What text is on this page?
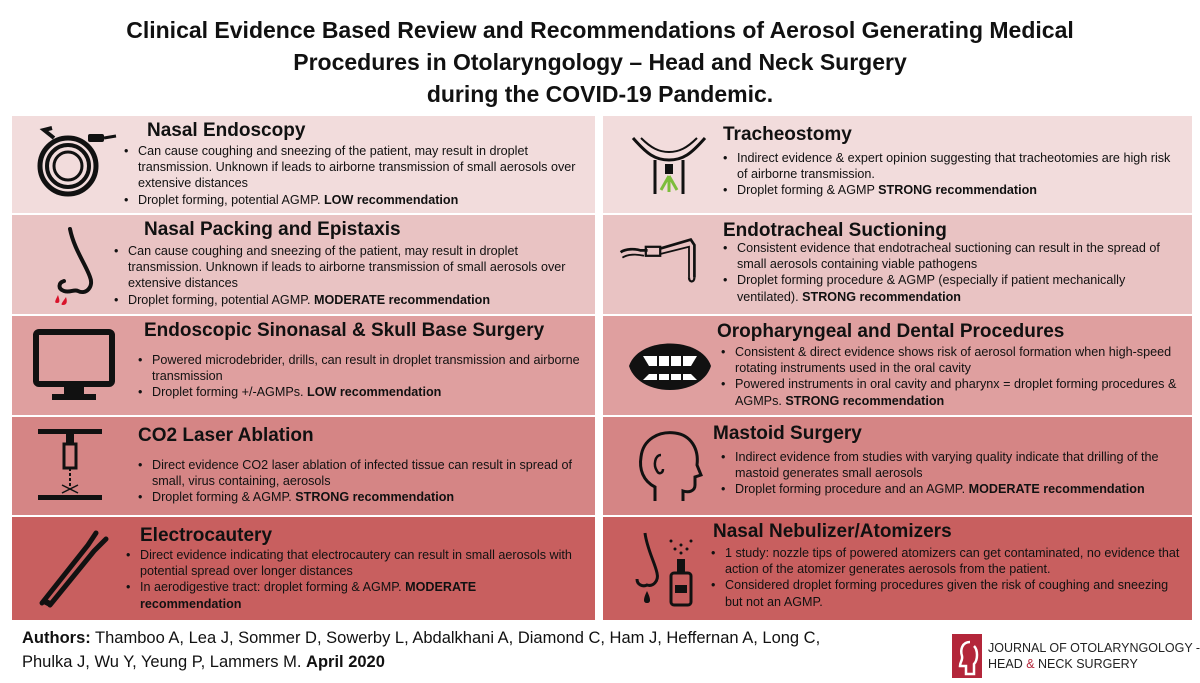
Clinical Evidence Based Review and Recommendations of Aerosol Generating Medical
Procedures in Otolaryngology – Head and Neck Surgery
during the COVID-19 Pandemic.
Nasal Endoscopy
• Can cause coughing and sneezing of the patient, may result in droplet transmission. Unknown if leads to airborne transmission of small aerosols over extensive distances
• Droplet forming, potential AGMP. LOW recommendation
Nasal Packing and Epistaxis
• Can cause coughing and sneezing of the patient, may result in droplet transmission. Unknown if leads to airborne transmission of small aerosols over extensive distances
• Droplet forming, potential AGMP. MODERATE recommendation
Endoscopic Sinonasal & Skull Base Surgery
• Powered microdebrider, drills, can result in droplet transmission and airborne transmission
• Droplet forming +/-AGMPs. LOW recommendation
CO2 Laser Ablation
• Direct evidence CO2 laser ablation of infected tissue can result in spread of small, virus containing, aerosols
• Droplet forming & AGMP. STRONG recommendation
Electrocautery
• Direct evidence indicating that electrocautery can result in small aerosols with potential spread over longer distances
• In aerodigestive tract: droplet forming & AGMP. MODERATE recommendation
Tracheostomy
• Indirect evidence & expert opinion suggesting that tracheotomies are high risk of airborne transmission.
• Droplet forming & AGMP STRONG recommendation
Endotracheal Suctioning
• Consistent evidence that endotracheal suctioning can result in the spread of small aerosols containing viable pathogens
• Droplet forming procedure & AGMP (especially if patient mechanically ventilated). STRONG recommendation
Oropharyngeal and Dental Procedures
• Consistent & direct evidence shows risk of aerosol formation when high-speed rotating instruments used in the oral cavity
• Powered instruments in oral cavity and pharynx = droplet forming procedures & AGMPs. STRONG recommendation
Mastoid Surgery
• Indirect evidence from studies with varying quality indicate that drilling of the mastoid generates small aerosols
• Droplet forming procedure and an AGMP. MODERATE recommendation
Nasal Nebulizer/Atomizers
• 1 study: nozzle tips of powered atomizers can get contaminated, no evidence that action of the atomizer generates aerosols from the patient.
• Considered droplet forming procedures given the risk of coughing and sneezing but not an AGMP.
Authors: Thamboo A, Lea J, Sommer D, Sowerby L, Abdalkhani A, Diamond C, Ham J, Heffernan A, Long C, Phulka J, Wu Y, Yeung P, Lammers M. April 2020
JOURNAL OF OTOLARYNGOLOGY -
HEAD & NECK SURGERY
